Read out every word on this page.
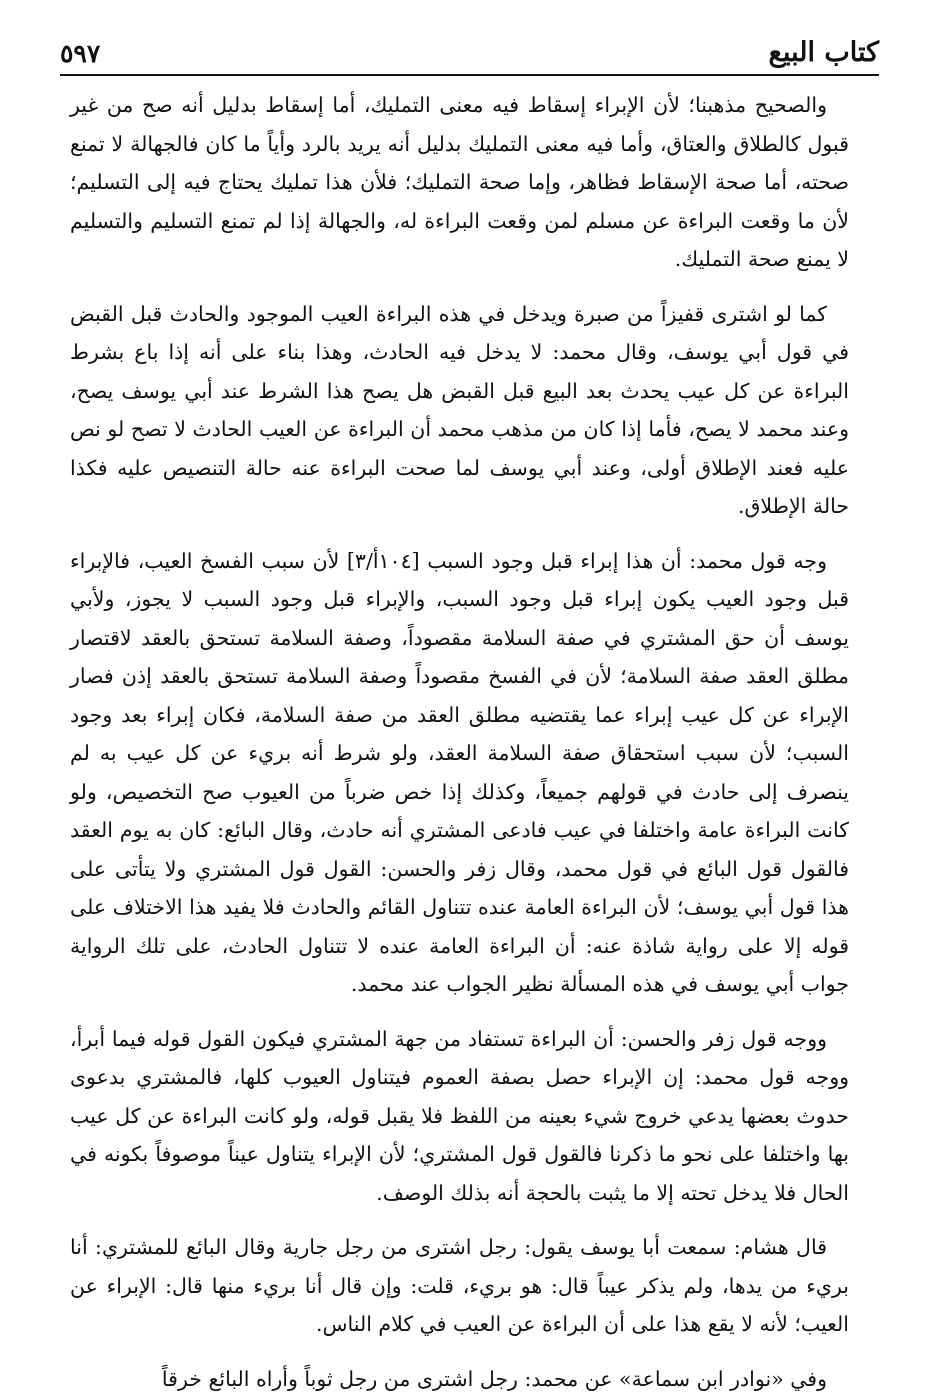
كتاب البيع
٥٩٧

والصحيح مذهبنا؛ لأن الإبراء إسقاط فيه معنى التمليك، أما إسقاط بدليل أنه صح من غير قبول كالطلاق والعتاق، وأما فيه معنى التمليك بدليل أنه يريد بالرد وأياً ما كان فالجهالة لا تمنع صحته، أما صحة الإسقاط فظاهر، وإما صحة التمليك؛ فلأن هذا تمليك يحتاج فيه إلى التسليم؛ لأن ما وقعت البراءة عن مسلم لمن وقعت البراءة له، والجهالة إذا لم تمنع التسليم والتسليم لا يمنع صحة التمليك.

كما لو اشترى قفيزاً من صبرة ويدخل في هذه البراءة العيب الموجود والحادث قبل القبض في قول أبي يوسف، وقال محمد: لا يدخل فيه الحادث، وهذا بناء على أنه إذا باع بشرط البراءة عن كل عيب يحدث بعد البيع قبل القبض هل يصح هذا الشرط عند أبي يوسف يصح، وعند محمد لا يصح، فأما إذا كان من مذهب محمد أن البراءة عن العيب الحادث لا تصح لو نص عليه فعند الإطلاق أولى، وعند أبي يوسف لما صحت البراءة عنه حالة التنصيص عليه فكذا حالة الإطلاق.

وجه قول محمد: أن هذا إبراء قبل وجود السبب [١٠٤أ/٣] لأن سبب الفسخ العيب، فالإبراء قبل وجود العيب يكون إبراء قبل وجود السبب، والإبراء قبل وجود السبب لا يجوز، ولأبي يوسف أن حق المشتري في صفة السلامة مقصوداً، وصفة السلامة تستحق بالعقد لاقتصار مطلق العقد صفة السلامة؛ لأن في الفسخ مقصوداً وصفة السلامة تستحق بالعقد إذن فصار الإبراء عن كل عيب إبراء عما يقتضيه مطلق العقد من صفة السلامة، فكان إبراء بعد وجود السبب؛ لأن سبب استحقاق صفة السلامة العقد، ولو شرط أنه بريء عن كل عيب به لم ينصرف إلى حادث في قولهم جميعاً، وكذلك إذا خص ضرباً من العيوب صح التخصيص، ولو كانت البراءة عامة واختلفا في عيب فادعى المشتري أنه حادث، وقال البائع: كان به يوم العقد فالقول قول البائع في قول محمد، وقال زفر والحسن: القول قول المشتري ولا يتأتى على هذا قول أبي يوسف؛ لأن البراءة العامة عنده تتناول القائم والحادث فلا يفيد هذا الاختلاف على قوله إلا على رواية شاذة عنه: أن البراءة العامة عنده لا تتناول الحادث، على تلك الرواية جواب أبي يوسف في هذه المسألة نظير الجواب عند محمد.

ووجه قول زفر والحسن: أن البراءة تستفاد من جهة المشتري فيكون القول قوله فيما أبرأ، ووجه قول محمد: إن الإبراء حصل بصفة العموم فيتناول العيوب كلها، فالمشتري بدعوى حدوث بعضها يدعي خروج شيء بعينه من اللفظ فلا يقبل قوله، ولو كانت البراءة عن كل عيب بها واختلفا على نحو ما ذكرنا فالقول قول المشتري؛ لأن الإبراء يتناول عيناً موصوفاً بكونه في الحال فلا يدخل تحته إلا ما يثبت بالحجة أنه بذلك الوصف.

قال هشام: سمعت أبا يوسف يقول: رجل اشترى من رجل جارية وقال البائع للمشتري: أنا بريء من يدها، ولم يذكر عيباً قال: هو بريء، قلت: وإن قال أنا بريء منها قال: الإبراء عن العيب؛ لأنه لا يقع هذا على أن البراءة عن العيب في كلام الناس.

وفي «نوادر ابن سماعة» عن محمد: رجل اشترى من رجل ثوباً وأراه البائع خرقاً
